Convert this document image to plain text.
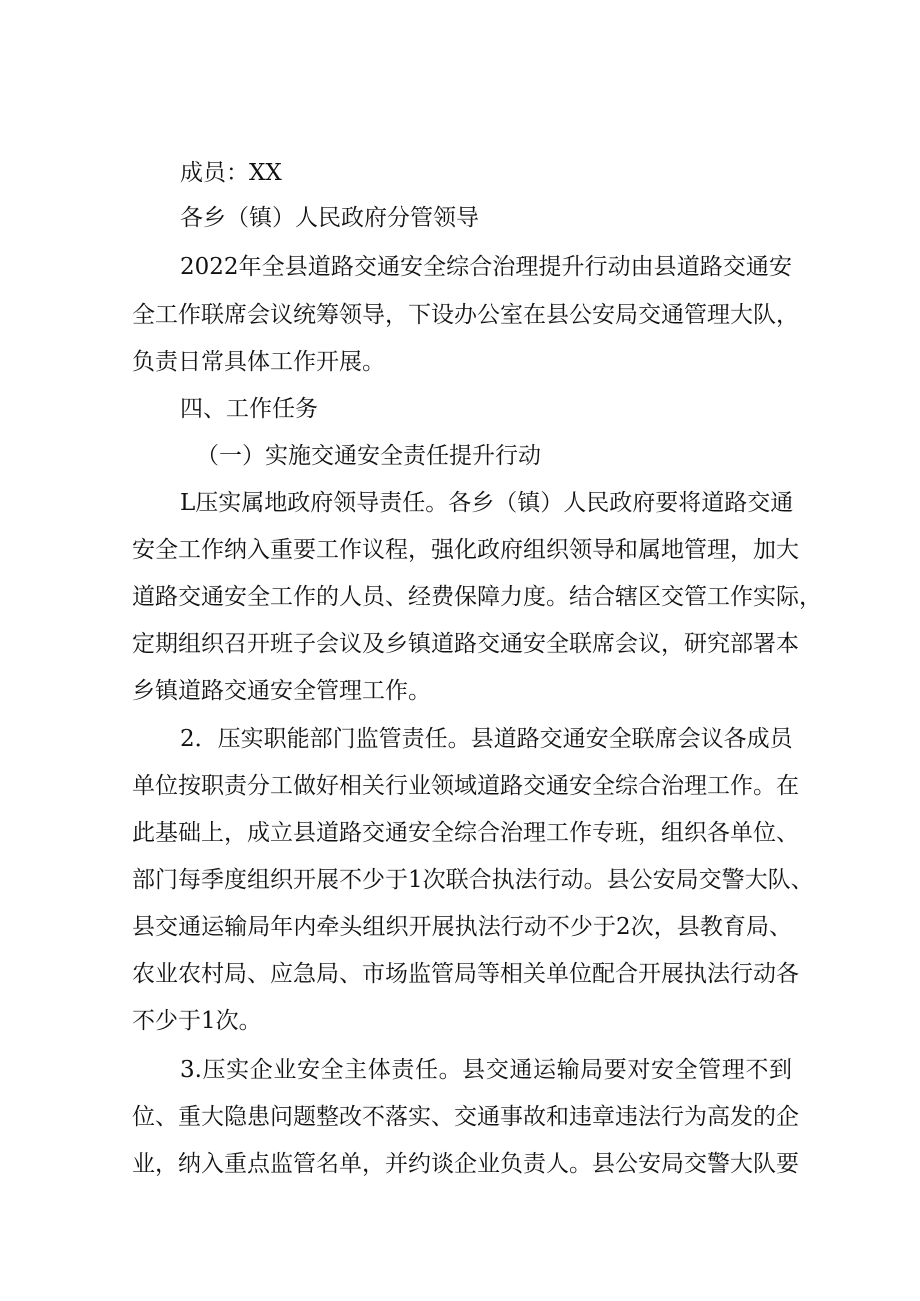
成员：XX
各乡（镇）人民政府分管领导
2022年全县道路交通安全综合治理提升行动由县道路交通安
全工作联席会议统筹领导，下设办公室在县公安局交通管理大队，
负责日常具体工作开展。
四、工作任务
（一）实施交通安全责任提升行动
L压实属地政府领导责任。各乡（镇）人民政府要将道路交通
安全工作纳入重要工作议程，强化政府组织领导和属地管理，加大
道路交通安全工作的人员、经费保障力度。结合辖区交管工作实际，
定期组织召开班子会议及乡镇道路交通安全联席会议，研究部署本
乡镇道路交通安全管理工作。
2．压实职能部门监管责任。县道路交通安全联席会议各成员
单位按职责分工做好相关行业领域道路交通安全综合治理工作。在
此基础上，成立县道路交通安全综合治理工作专班，组织各单位、
部门每季度组织开展不少于1次联合执法行动。县公安局交警大队、
县交通运输局年内牵头组织开展执法行动不少于2次，县教育局、
农业农村局、应急局、市场监管局等相关单位配合开展执法行动各
不少于1次。
3.压实企业安全主体责任。县交通运输局要对安全管理不到
位、重大隐患问题整改不落实、交通事故和违章违法行为高发的企
业，纳入重点监管名单，并约谈企业负责人。县公安局交警大队要
